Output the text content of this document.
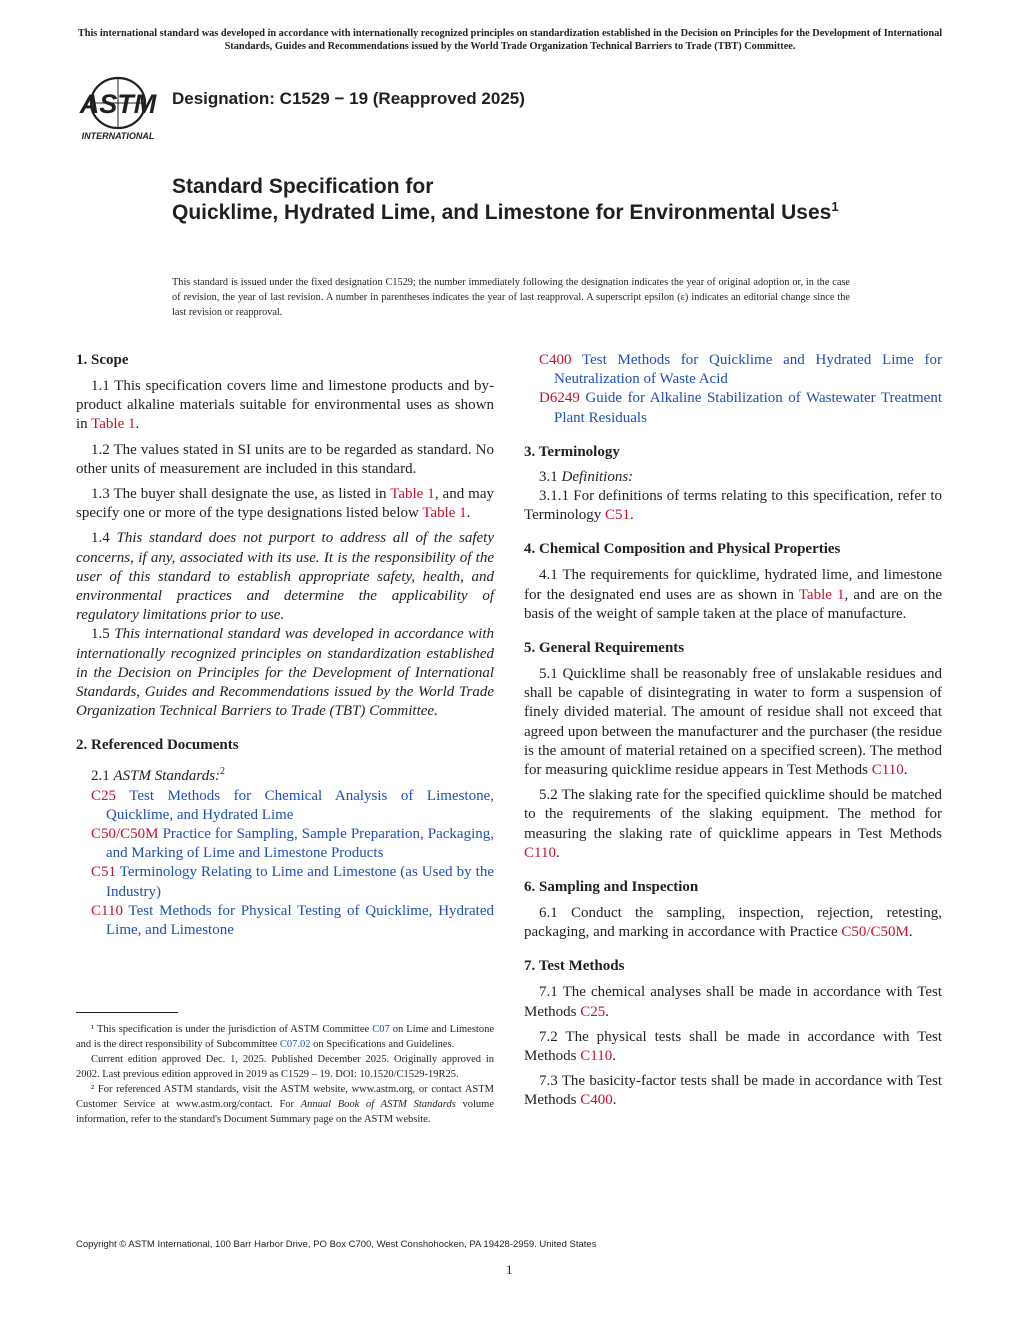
This international standard was developed in accordance with internationally recognized principles on standardization established in the Decision on Principles for the Development of International Standards, Guides and Recommendations issued by the World Trade Organization Technical Barriers to Trade (TBT) Committee.
ASTM
INTERNATIONAL
Designation: C1529 − 19 (Reapproved 2025)
Standard Specification for
Quicklime, Hydrated Lime, and Limestone for Environmental Uses$^1$
This standard is issued under the fixed designation C1529; the number immediately following the designation indicates the year of original adoption or, in the case of revision, the year of last revision. A number in parentheses indicates the year of last reapproval. A superscript epsilon (ε) indicates an editorial change since the last revision or reapproval.
1. Scope

1.1 This specification covers lime and limestone products and by-product alkaline materials suitable for environmental uses as shown in Table 1.

1.2 The values stated in SI units are to be regarded as standard. No other units of measurement are included in this standard.

1.3 The buyer shall designate the use, as listed in Table 1, and may specify one or more of the type designations listed below Table 1.

1.4 This standard does not purport to address all of the safety concerns, if any, associated with its use. It is the responsibility of the user of this standard to establish appropriate safety, health, and environmental practices and determine the applicability of regulatory limitations prior to use.

1.5 This international standard was developed in accordance with internationally recognized principles on standardization established in the Decision on Principles for the Development of International Standards, Guides and Recommendations issued by the World Trade Organization Technical Barriers to Trade (TBT) Committee.

2. Referenced Documents

2.1 ASTM Standards:$^2$

C25 Test Methods for Chemical Analysis of Limestone, Quicklime, and Hydrated Lime

C50/C50M Practice for Sampling, Sample Preparation, Packaging, and Marking of Lime and Limestone Products

C51 Terminology Relating to Lime and Limestone (as Used by the Industry)

C110 Test Methods for Physical Testing of Quicklime, Hydrated Lime, and Limestone

¹ This specification is under the jurisdiction of ASTM Committee C07 on Lime and Limestone and is the direct responsibility of Subcommittee C07.02 on Specifications and Guidelines.

Current edition approved Dec. 1, 2025. Published December 2025. Originally approved in 2002. Last previous edition approved in 2019 as C1529 – 19. DOI: 10.1520/C1529-19R25.

² For referenced ASTM standards, visit the ASTM website, www.astm.org, or contact ASTM Customer Service at www.astm.org/contact. For Annual Book of ASTM Standards volume information, refer to the standard's Document Summary page on the ASTM website.

C400 Test Methods for Quicklime and Hydrated Lime for Neutralization of Waste Acid

D6249 Guide for Alkaline Stabilization of Wastewater Treatment Plant Residuals

3. Terminology

3.1 Definitions:

3.1.1 For definitions of terms relating to this specification, refer to Terminology C51.

4. Chemical Composition and Physical Properties

4.1 The requirements for quicklime, hydrated lime, and limestone for the designated end uses are as shown in Table 1, and are on the basis of the weight of sample taken at the place of manufacture.

5. General Requirements

5.1 Quicklime shall be reasonably free of unslakable residues and shall be capable of disintegrating in water to form a suspension of finely divided material. The amount of residue shall not exceed that agreed upon between the manufacturer and the purchaser (the residue is the amount of material retained on a specified screen). The method for measuring quicklime residue appears in Test Methods C110.

5.2 The slaking rate for the specified quicklime should be matched to the requirements of the slaking equipment. The method for measuring the slaking rate of quicklime appears in Test Methods C110.

6. Sampling and Inspection

6.1 Conduct the sampling, inspection, rejection, retesting, packaging, and marking in accordance with Practice C50/C50M.

7. Test Methods

7.1 The chemical analyses shall be made in accordance with Test Methods C25.

7.2 The physical tests shall be made in accordance with Test Methods C110.

7.3 The basicity-factor tests shall be made in accordance with Test Methods C400.

Copyright © ASTM International, 100 Barr Harbor Drive, PO Box C700, West Conshohocken, PA 19428-2959. United States
1
